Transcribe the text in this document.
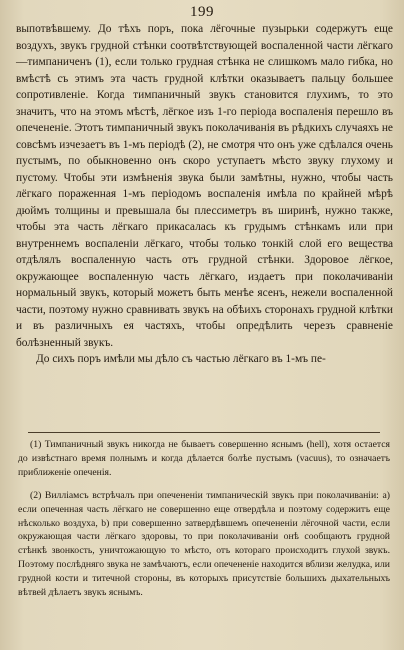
199

выпотвѣвшему. До тѣхъ поръ, пока лёгочные пузырьки содержутъ еще воздухъ, звукъ грудной стѣнки соотвѣтствующей воспаленной части лёгкаго—тимпаниченъ (1), если только грудная стѣнка не слишкомъ мало гибка, но вмѣстѣ съ этимъ эта часть грудной клѣтки оказываетъ пальцу большее сопротивленіе. Когда тимпаничный звукъ становится глухимъ, то это значитъ, что на этомъ мѣстѣ, лёгкое изъ 1-го періода воспаленія перешло въ опечененіе. Этотъ тимпаничный звукъ поколачиванія въ рѣдкихъ случаяхъ не совсѣмъ изчезаетъ въ 1-мъ періодѣ (2), не смотря что онъ уже сдѣлался очень пустымъ, по обыкновенно онъ скоро уступаетъ мѣсто звуку глухому и пустому. Чтобы эти измѣненія звука были замѣтны, нужно, чтобы часть лёгкаго пораженная 1-мъ періодомъ воспаленія имѣла по крайней мѣрѣ дюймъ толщины и превышала бы плессиметръ въ ширинѣ, нужно также, чтобы эта часть лёгкаго прикасалась къ грудымъ стѣнкамъ или при внутреннемъ воспаленіи лёгкаго, чтобы только тонкій слой его вещества отдѣлялъ воспаленную часть отъ грудной стѣнки. Здоровое лёгкое, окружающее воспаленную часть лёгкаго, издаетъ при поколачиваніи нормальный звукъ, который можетъ быть менѣе ясенъ, нежели воспаленной части, поэтому нужно сравнивать звукъ на обѣихъ сторонахъ грудной клѣтки и въ различныхъ ея частяхъ, чтобы опредѣлить черезъ сравненіе болѣзненный звукъ.

До сихъ поръ имѣли мы дѣло съ частью лёгкаго въ 1-мъ пе-

(1) Тимпаничный звукъ никогда не бываетъ совершенно яснымъ (hell), хотя остается до извѣстнаго время полнымъ и когда дѣлается болѣе пустымъ (vacuus), то означаетъ приближеніе опеченія.

(2) Вилліамсъ встрѣчалъ при опечененіи тимпаническій звукъ при поколачиваніи: а) если опеченная часть лёгкаго не совершенно еще отвердѣла и поэтому содержитъ еще нѣсколько воздуха, b) при совершенно затвердѣвшемъ опечененіи лёгочной части, если окружающая части лёгкаго здоровы, то при поколачиваніи онѣ сообщаютъ грудной стѣнкѣ звонкость, уничтожающую то мѣсто, отъ котораго происходитъ глухой звукъ. Поэтому послѣдняго звука не замѣчаютъ, если опечененіе находится вблизи желудка, или грудной кости и титечной стороны, въ которыхъ присутствіе большихъ дыхательныхъ вѣтвей дѣлаетъ звукъ яснымъ.
